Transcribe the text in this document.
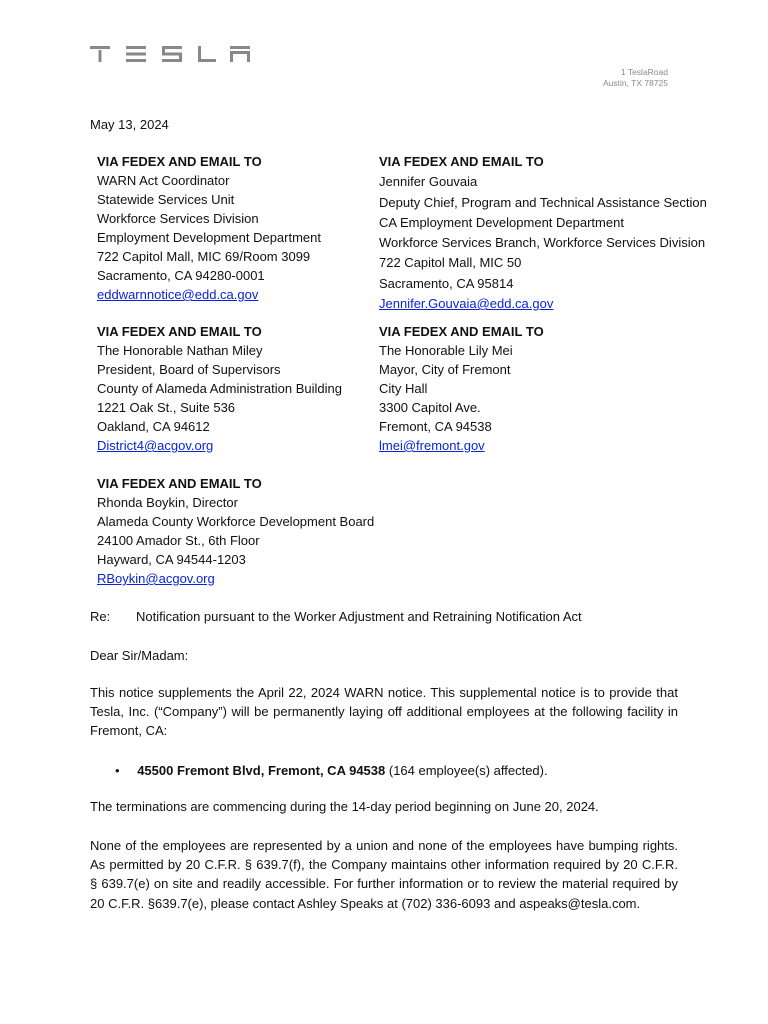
1 TeslaRoad
Austin, TX 78725
May 13, 2024
VIA FEDEX AND EMAIL TO
WARN Act Coordinator
Statewide Services Unit
Workforce Services Division
Employment Development Department
722 Capitol Mall, MIC 69/Room 3099
Sacramento, CA 94280-0001
eddwarnnotice@edd.ca.gov
VIA FEDEX AND EMAIL TO
Jennifer Gouvaia
Deputy Chief, Program and Technical Assistance Section
CA Employment Development Department
Workforce Services Branch, Workforce Services Division
722 Capitol Mall, MIC 50
Sacramento, CA 95814
Jennifer.Gouvaia@edd.ca.gov
VIA FEDEX AND EMAIL TO
The Honorable Nathan Miley
President, Board of Supervisors
County of Alameda Administration Building
1221 Oak St., Suite 536
Oakland, CA 94612
District4@acgov.org
VIA FEDEX AND EMAIL TO
The Honorable Lily Mei
Mayor, City of Fremont
City Hall
3300 Capitol Ave.
Fremont, CA 94538
lmei@fremont.gov
VIA FEDEX AND EMAIL TO
Rhonda Boykin, Director
Alameda County Workforce Development Board
24100 Amador St., 6th Floor
Hayward, CA 94544-1203
RBoykin@acgov.org
Re: Notification pursuant to the Worker Adjustment and Retraining Notification Act
Dear Sir/Madam:
This notice supplements the April 22, 2024 WARN notice. This supplemental notice is to provide that Tesla, Inc. (“Company”) will be permanently laying off additional employees at the following facility in Fremont, CA:
• 45500 Fremont Blvd, Fremont, CA 94538 (164 employee(s) affected).
The terminations are commencing during the 14-day period beginning on June 20, 2024.
None of the employees are represented by a union and none of the employees have bumping rights. As permitted by 20 C.F.R. § 639.7(f), the Company maintains other information required by 20 C.F.R. § 639.7(e) on site and readily accessible. For further information or to review the material required by 20 C.F.R. §639.7(e), please contact Ashley Speaks at (702) 336-6093 and aspeaks@tesla.com.
